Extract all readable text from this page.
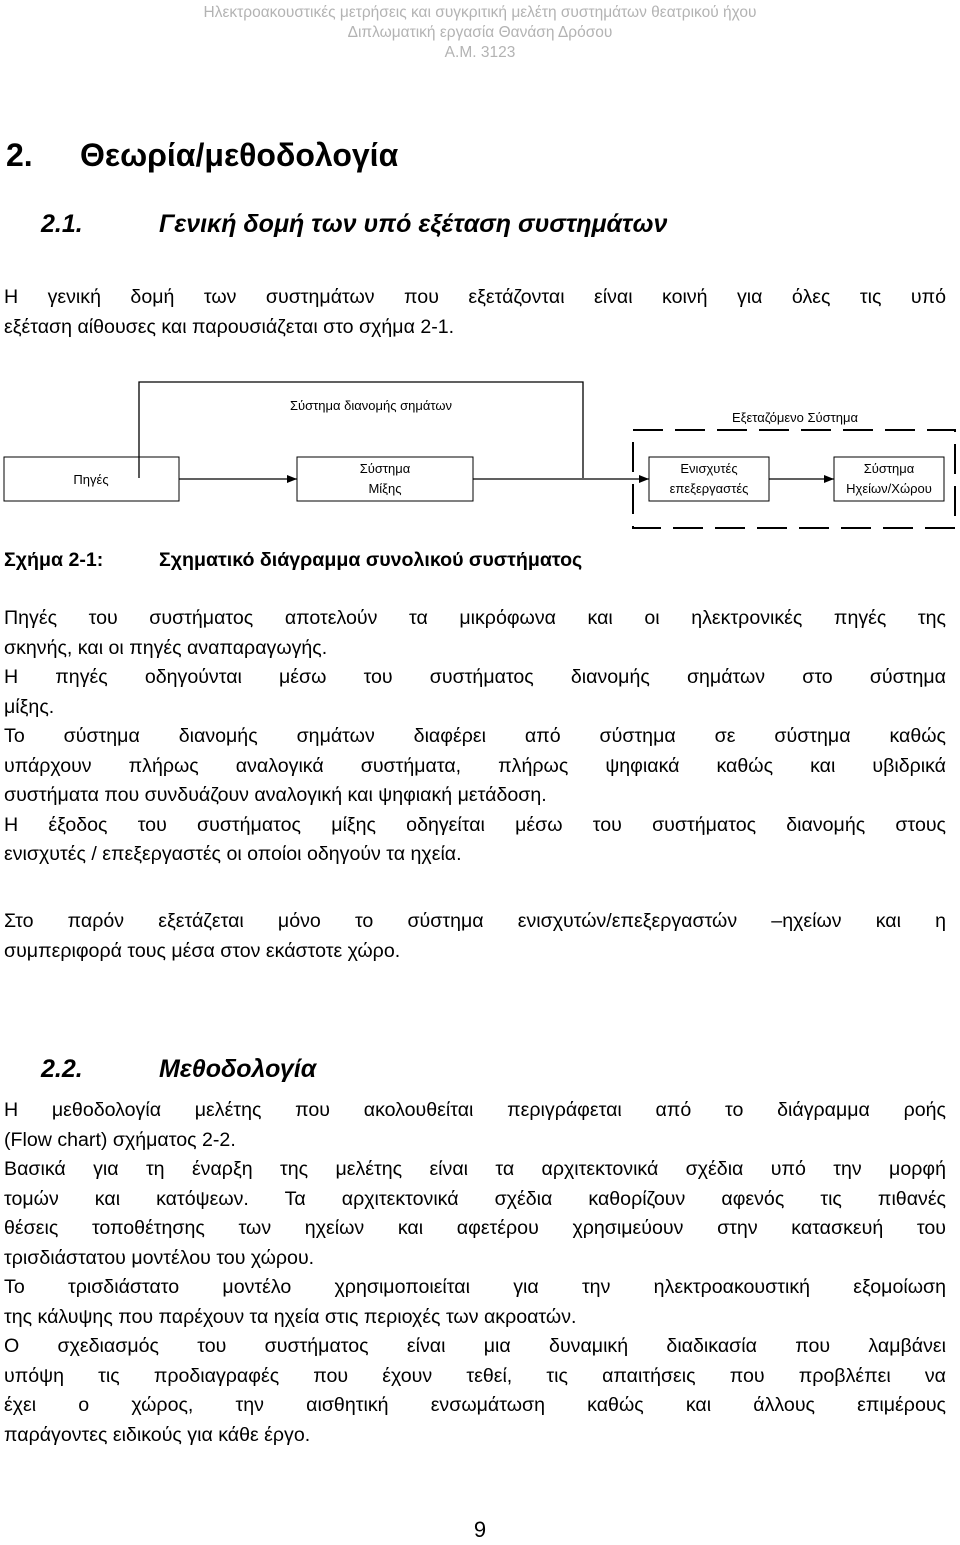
Ηλεκτροακουστικές μετρήσεις και συγκριτική μελέτη συστημάτων θεατρικού ήχου
Διπλωματική εργασία Θανάση Δρόσου
Α.Μ. 3123
2. Θεωρία/μεθοδολογία
2.1.	Γενική δομή των υπό εξέταση συστημάτων

Η γενική δομή των συστημάτων που εξετάζονται είναι κοινή για όλες τις υπό
εξέταση αίθουσες και παρουσιάζεται στο σχήμα 2-1.

Σύστημα διανομής σημάτων
Εξεταζόμενο Σύστημα
Πηγές
Σύστημα
Μίξης
Ενισχυτές
επεξεργαστές
Σύστημα
Ηχείων/Χώρου

Σχήμα 2-1:	Σχηματικό διάγραμμα συνολικού συστήματος

Πηγές του συστήματος αποτελούν τα μικρόφωνα και οι ηλεκτρονικές πηγές της
σκηνής, και οι πηγές αναπαραγωγής.
Η πηγές οδηγούνται μέσω του συστήματος διανομής σημάτων στο σύστημα
μίξης.
Το σύστημα διανομής σημάτων διαφέρει από σύστημα σε σύστημα καθώς
υπάρχουν πλήρως αναλογικά συστήματα, πλήρως ψηφιακά καθώς και υβιδρικά
συστήματα που συνδυάζουν αναλογική και ψηφιακή μετάδοση.
Η έξοδος του συστήματος μίξης οδηγείται μέσω του συστήματος διανομής στους
ενισχυτές / επεξεργαστές οι οποίοι οδηγούν τα ηχεία.

Στο παρόν εξετάζεται μόνο το σύστημα ενισχυτών/επεξεργαστών –ηχείων και η
συμπεριφορά τους μέσα στον εκάστοτε χώρο.

2.2.	Μεθοδολογία

Η μεθοδολογία μελέτης που ακολουθείται περιγράφεται από το διάγραμμα ροής
(Flow chart) σχήματος 2-2.
Βασικά για τη έναρξη της μελέτης είναι τα αρχιτεκτονικά σχέδια υπό την μορφή
τομών και κατόψεων. Τα αρχιτεκτονικά σχέδια καθορίζουν αφενός τις πιθανές
θέσεις τοποθέτησης των ηχείων και αφετέρου χρησιμεύουν στην κατασκευή του
τρισδιάστατου μοντέλου του χώρου.
Το τρισδιάστατο μοντέλο χρησιμοποιείται για την ηλεκτροακουστική εξομοίωση
της κάλυψης που παρέχουν τα ηχεία στις περιοχές των ακροατών.
Ο σχεδιασμός του συστήματος είναι μια δυναμική διαδικασία που λαμβάνει
υπόψη τις προδιαγραφές που έχουν τεθεί, τις απαιτήσεις που προβλέπει να
έχει ο χώρος, την αισθητική ενσωμάτωση καθώς και άλλους επιμέρους
παράγοντες ειδικούς για κάθε έργο.

9
